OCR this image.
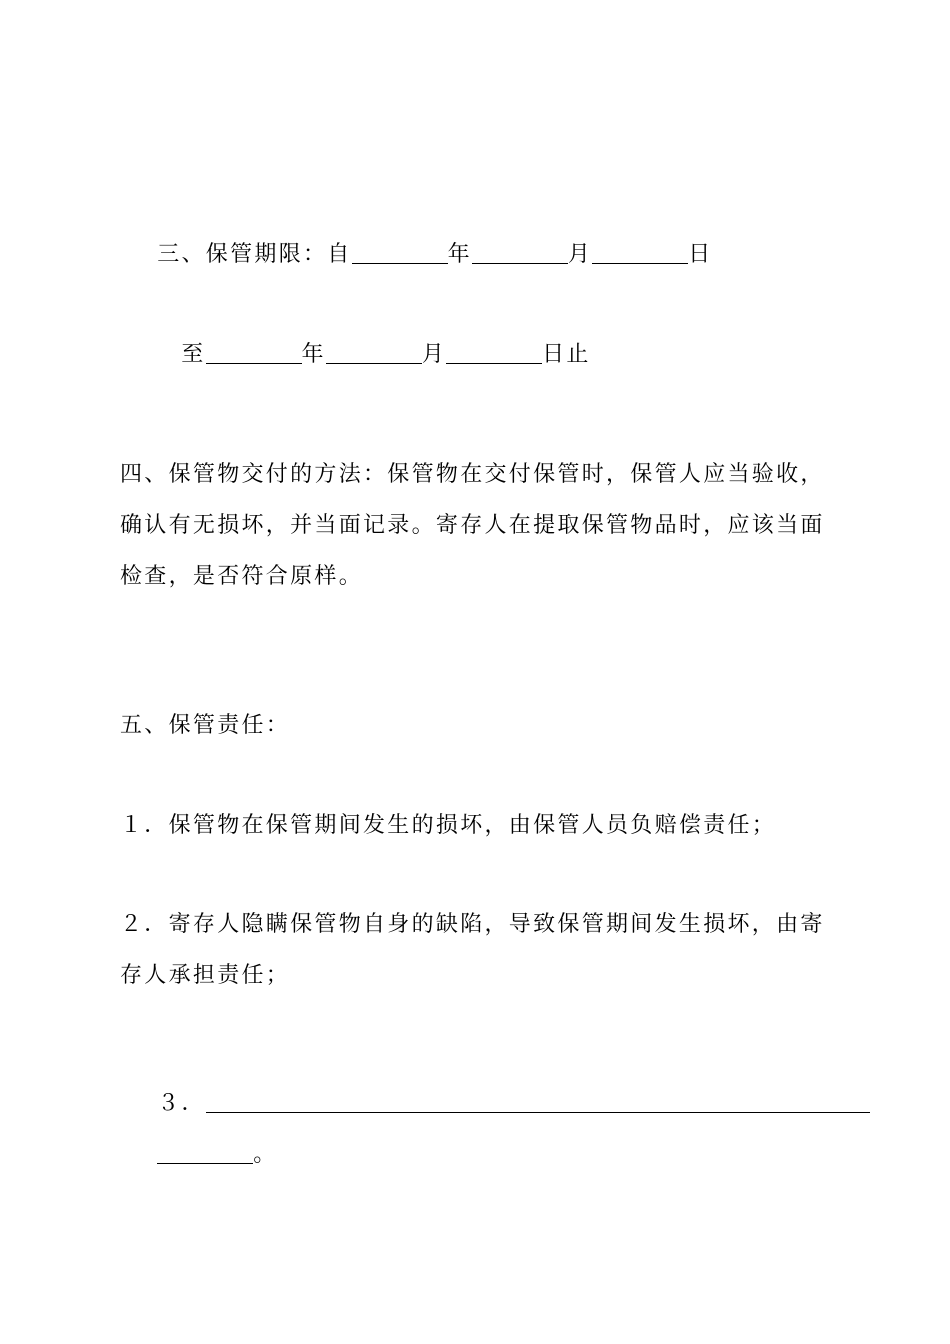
三、保管期限：自	年	月	日

至	年	月	日止

四、保管物交付的方法：保管物在交付保管时，保管人应当验收，
确认有无损坏，并当面记录。寄存人在提取保管物品时，应该当面
检查，是否符合原样。
五、保管责任：
１．保管物在保管期间发生的损坏，由保管人员负赔偿责任；
２．寄存人隐瞒保管物自身的缺陷，导致保管期间发生损坏，由寄
存人承担责任；

３．

。
